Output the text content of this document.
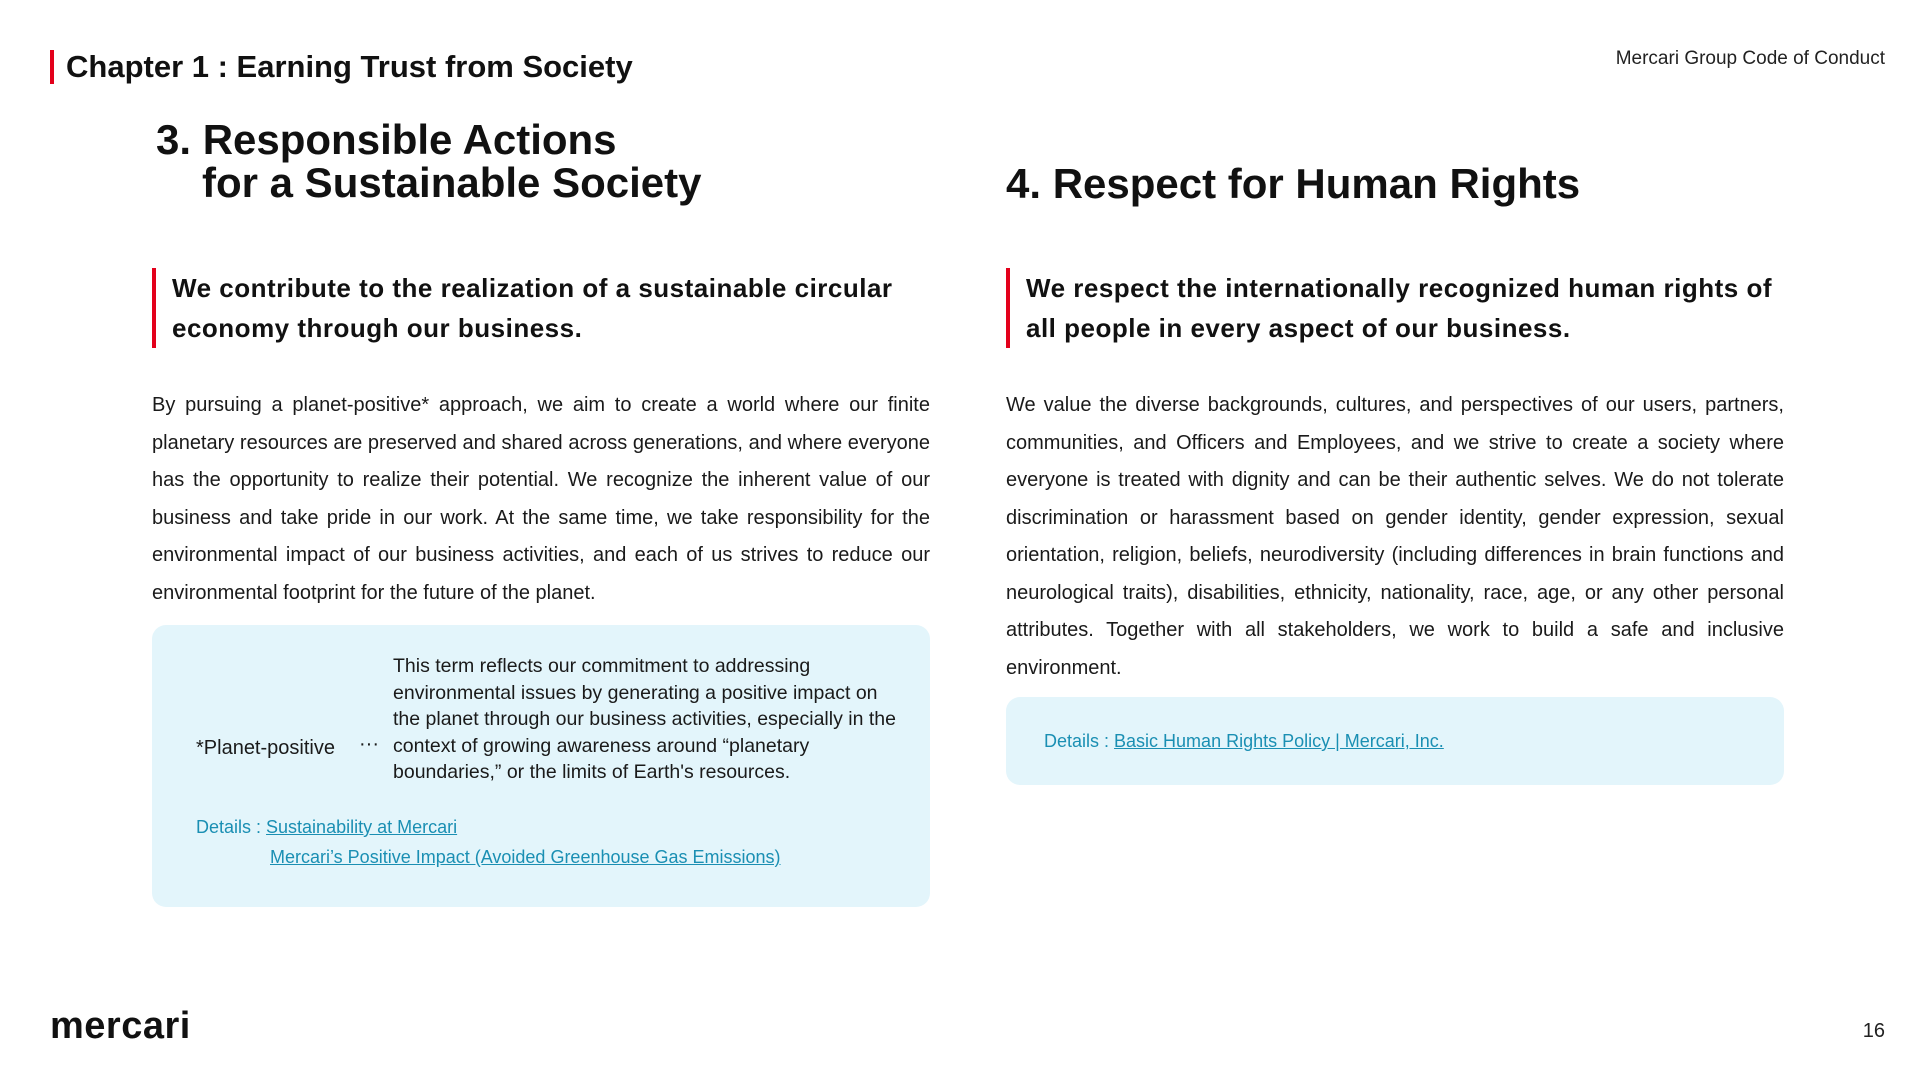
Chapter 1 : Earning Trust from Society	Mercari Group Code of Conduct
3. Responsible Actions
for a Sustainable Society
We contribute to the realization of a sustainable circular economy through our business.
By pursuing a planet-positive* approach, we aim to create a world where our finite planetary resources are preserved and shared across generations, and where everyone has the opportunity to realize their potential. We recognize the inherent value of our business and take pride in our work. At the same time, we take responsibility for the environmental impact of our business activities, and each of us strives to reduce our environmental footprint for the future of the planet.
*Planet-positive ···
This term reflects our commitment to addressing environmental issues by generating a positive impact on the planet through our business activities, especially in the context of growing awareness around “planetary boundaries,” or the limits of Earth's resources.
Details : Sustainability at Mercari
Mercari’s Positive Impact (Avoided Greenhouse Gas Emissions)
4. Respect for Human Rights
We respect the internationally recognized human rights of all people in every aspect of our business.
We value the diverse backgrounds, cultures, and perspectives of our users, partners, communities, and Officers and Employees, and we strive to create a society where everyone is treated with dignity and can be their authentic selves. We do not tolerate discrimination or harassment based on gender identity, gender expression, sexual orientation, religion, beliefs, neurodiversity (including differences in brain functions and neurological traits), disabilities, ethnicity, nationality, race, age, or any other personal attributes. Together with all stakeholders, we work to build a safe and inclusive environment.
Details : Basic Human Rights Policy | Mercari, Inc.
mercari	16
